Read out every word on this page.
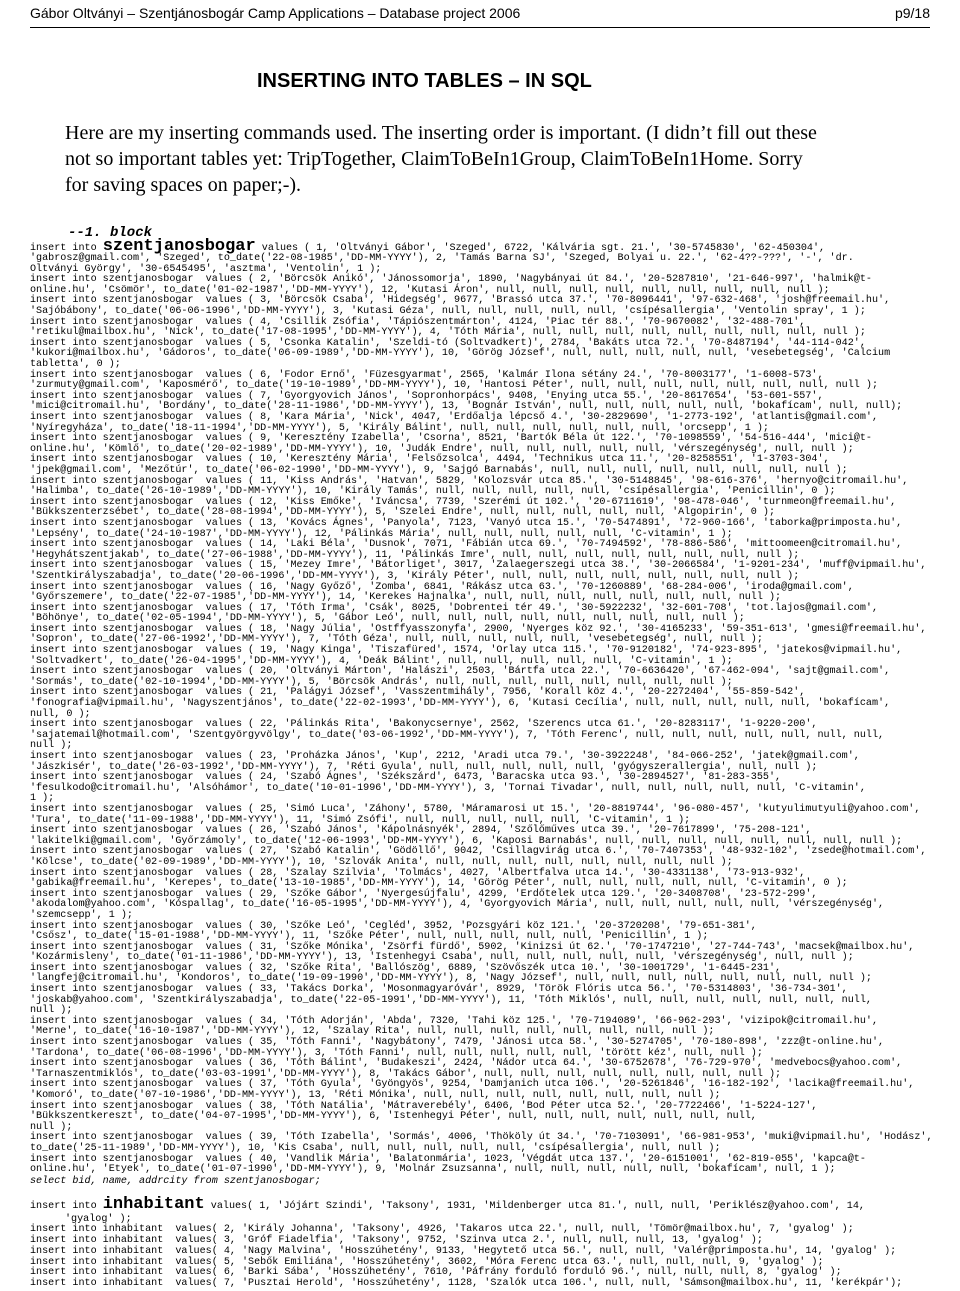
Gábor Oltványi – Szentjánosbogár Camp Applications – Database project 2006	p9/18
INSERTING INTO TABLES – IN SQL
Here are my inserting commands used. The inserting order is important. (I didn’t fill out these
not so important tables yet: TripTogether, ClaimToBeIn1Group, ClaimToBeIn1Home. Sorry
for saving spaces on paper;-).
--1. block
insert into szentjanosbogar values ( 1, 'Oltványi Gábor', 'Szeged', 6722, 'Kálvária sgt. 21.', '30-5745830', '62-450304',
'gabrosz@gmail.com', 'Szeged', to_date('22-08-1985','DD-MM-YYYY'), 2, 'Tamás Barna SJ', 'Szeged, Bolyai u. 22.', '62-4??-???', '-', 'dr.
Oltványi György', '30-6545495', 'asztma', 'Ventolin', 1 );
insert into szentjanosbogar  values ( 2, 'Börcsök Anikó', 'Jánossomorja', 1890, 'Nagybányai út 84.', '20-5287810', '21-646-997', 'halmik@t-
online.hu', 'Csömör', to_date('01-02-1987','DD-MM-YYYY'), 12, 'Kutasi Áron', null, null, null, null, null, null, null, null, null );
insert into szentjanosbogar  values ( 3, 'Börcsök Csaba', 'Hidegség', 9677, 'Brassó utca 37.', '70-8096441', '97-632-468', 'josh@freemail.hu',
'Sajóbábony', to_date('06-06-1996','DD-MM-YYYY'), 3, 'Kutasi Géza', null, null, null, null, null, 'csípésallergia', 'Ventolin spray', 1 );
insert into szentjanosbogar  values ( 4, 'Csillik Zsófia', 'Tápiószentmárton', 4124, 'Piac tér 88.', '70-9670082', '32-488-701',
'retikul@mailbox.hu', 'Nick', to_date('17-08-1995','DD-MM-YYYY'), 4, 'Tóth Mária', null, null, null, null, null, null, null, null, null );
insert into szentjanosbogar  values ( 5, 'Csonka Katalin', 'Szeldi-tó (Soltvadkert)', 2784, 'Bakáts utca 72.', '70-8487194', '44-114-042',
'kukori@mailbox.hu', 'Gádoros', to_date('06-09-1989','DD-MM-YYYY'), 10, 'Görög József', null, null, null, null, null, 'vesebetegség', 'Calcium
tabletta', 0 );
insert into szentjanosbogar  values ( 6, 'Fodor Ernő', 'Füzesgyarmat', 2565, 'Kalmár Ilona sétány 24.', '70-8003177', '1-6008-573',
'zurmuty@gmail.com', 'Kaposmérő', to_date('19-10-1989','DD-MM-YYYY'), 10, 'Hantosi Péter', null, null, null, null, null, null, null, null );
insert into szentjanosbogar  values ( 7, 'Gyorgyovich János', 'Sopronhorpács', 9408, 'Enying utca 55.', '20-8617654', '53-601-557',
'mici@citromail.hu', 'Bordány', to_date('28-11-1986','DD-MM-YYYY'), 13, 'Bognár István', null, null, null, null, null, 'bokafícam', null, null);
insert into szentjanosbogar  values ( 8, 'Kara Mária', 'Nick', 4047, 'Erdőalja lépcső 4.', '30-2829690', '1-2773-192', 'atlantis@gmail.com',
'Nyíregyháza', to_date('18-11-1994','DD-MM-YYYY'), 5, 'Király Bálint', null, null, null, null, null, null, 'orcsepp', 1 );
insert into szentjanosbogar  values ( 9, 'Keresztény Izabella', 'Csorna', 8521, 'Bartók Béla út 122.', '70-1098559', '54-516-444', 'mici@t-
online.hu', 'Kömlő', to_date('20-02-1989','DD-MM-YYYY'), 10, 'Judák Endre', null, null, null, null, null, 'vérszegénység', null, null );
insert into szentjanosbogar  values ( 10, 'Keresztény Mária', 'Felsőzsolca', 4494, 'Technikus utca 11.', '20-8258551', '1-3703-304',
'jpek@gmail.com', 'Mezőtúr', to_date('06-02-1990','DD-MM-YYYY'), 9, 'Sajgó Barnabás', null, null, null, null, null, null, null, null );
insert into szentjanosbogar  values ( 11, 'Kiss András', 'Hatvan', 5829, 'Kolozsvár utca 85.', '30-5148845', '98-616-376', 'hernyo@citromail.hu',
'Halimba', to_date('26-10-1989','DD-MM-YYYY'), 10, 'Király Tamás', null, null, null, null, null, 'csípésallergia', 'Penicillin', 0 );
insert into szentjanosbogar  values ( 12, 'Kiss Emőke', 'Iváncsa', 7739, 'Szerémi út 102.', '20-6711619', '98-478-046', 'turnmeon@freemail.hu',
'Bükkszenterzsébet', to_date('28-08-1994','DD-MM-YYYY'), 5, 'Szelei Endre', null, null, null, null, null, 'Algopirin', 0 );
insert into szentjanosbogar  values ( 13, 'Kovács Ágnes', 'Panyola', 7123, 'Vanyó utca 15.', '70-5474891', '72-960-166', 'taborka@primposta.hu',
'Lepsény', to_date('24-10-1987','DD-MM-YYYY'), 12, 'Pálinkás Mária', null, null, null, null, null, 'C-vitamin', 1 );
insert into szentjanosbogar  values ( 14, 'Laki Béla', 'Dusnok', 7071, 'Fábián utca 69.', '70-7494592', '78-886-586', 'mittoomeen@citromail.hu',
'Hegyhátszentjakab', to_date('27-06-1988','DD-MM-YYYY'), 11, 'Pálinkás Imre', null, null, null, null, null, null, null, null );
insert into szentjanosbogar  values ( 15, 'Mezey Imre', 'Bátorliget', 3017, 'Zalaegerszegi utca 38.', '30-2066584', '1-9201-234', 'muff@vipmail.hu',
'Szentkirályszabadja', to_date('20-06-1996','DD-MM-YYYY'), 3, 'Király Péter', null, null, null, null, null, null, null, null );
insert into szentjanosbogar  values ( 16, 'Nagy Győző', 'Zomba', 6841, 'Rákász utca 63.', '70-1260889', '68-284-006', 'iroda@gmail.com',
'Győrszemere', to_date('22-07-1985','DD-MM-YYYY'), 14, 'Kerekes Hajnalka', null, null, null, null, null, null, null, null );
insert into szentjanosbogar  values ( 17, 'Tóth Irma', 'Csák', 8025, 'Dobrentei tér 49.', '30-5922232', '32-601-708', 'tot.lajos@gmail.com',
'Böhönye', to_date('02-05-1994','DD-MM-YYYY'), 5, 'Gábor Leó', null, null, null, null, null, null, null, null, null );
insert into szentjanosbogar  values ( 18, 'Nagy Júlia', 'Ostffyasszonyfa', 2900, 'Nyerges köz 92.', '30-4165233', '59-351-613', 'gmesi@freemail.hu',
'Sopron', to_date('27-06-1992','DD-MM-YYYY'), 7, 'Tóth Géza', null, null, null, null, null, 'vesebetegség', null, null );
insert into szentjanosbogar  values ( 19, 'Nagy Kinga', 'Tiszafüred', 1574, 'Orlay utca 115.', '70-9120182', '74-923-895', 'jatekos@vipmail.hu',
'Soltvadkert', to_date('26-04-1995','DD-MM-YYYY'), 4, 'Deák Bálint', null, null, null, null, null, 'C-vitamin', 1 );
insert into szentjanosbogar  values ( 20, 'Oltványi Márton', 'Halászi', 2503, 'Bártfa utca 22.', '70-6636420', '67-462-094', 'sajt@gmail.com',
'Sormás', to_date('02-10-1994','DD-MM-YYYY'), 5, 'Börcsök András', null, null, null, null, null, null, null, null );
insert into szentjanosbogar  values ( 21, 'Palágyi József', 'Vasszentmihály', 7956, 'Korall köz 4.', '20-2272404', '55-859-542',
'fonografia@vipmail.hu', 'Nagyszentjános', to_date('22-02-1993','DD-MM-YYYY'), 6, 'Kutasi Cecília', null, null, null, null, null, 'bokafícam',
null, 0 );
insert into szentjanosbogar  values ( 22, 'Pálinkás Rita', 'Bakonycsernye', 2562, 'Szerencs utca 61.', '20-8283117', '1-9220-200',
'sajatemail@hotmail.com', 'Szentgyörgyvölgy', to_date('03-06-1992','DD-MM-YYYY'), 7, 'Tóth Ferenc', null, null, null, null, null, null, null,
null );
insert into szentjanosbogar  values ( 23, 'Proházka János', 'Kup', 2212, 'Aradi utca 79.', '30-3922248', '84-066-252', 'jatek@gmail.com',
'Jászkisér', to_date('26-03-1992','DD-MM-YYYY'), 7, 'Réti Gyula', null, null, null, null, null, 'gyógyszerallergia', null, null );
insert into szentjanosbogar  values ( 24, 'Szabó Ágnes', 'Székszárd', 6473, 'Baracska utca 93.', '30-2894527', '81-283-355',
'fesulkodo@citromail.hu', 'Alsóhámor', to_date('10-01-1996','DD-MM-YYYY'), 3, 'Tornai Tivadar', null, null, null, null, null, 'C-vitamin',
1 );
insert into szentjanosbogar  values ( 25, 'Simó Luca', 'Záhony', 5780, 'Máramarosi ut 15.', '20-8819744', '96-080-457', 'kutyulimutyuli@yahoo.com',
'Tura', to_date('11-09-1988','DD-MM-YYYY'), 11, 'Simó Zsófi', null, null, null, null, null, 'C-vitamin', 1 );
insert into szentjanosbogar  values ( 26, 'Szabó János', 'Kápolnásnyék', 2894, 'Szőlőműves utca 39.', '20-7617899', '75-208-121',
'lakitelki@gmail.com', 'Győrzámoly', to_date('12-06-1993','DD-MM-YYYY'), 6, 'Kaposi Barnabás', null, null, null, null, null, null, null, null );
insert into szentjanosbogar  values ( 27, 'Szabó Katalin', 'Gödöllő', 9042, 'Csillagvirág utca 6.', '70-7407353', '48-932-102', 'zsede@hotmail.com',
'Kölcse', to_date('02-09-1989','DD-MM-YYYY'), 10, 'Szlovák Anita', null, null, null, null, null, null, null, null );
insert into szentjanosbogar  values ( 28, 'Szalay Szilvia', 'Tolmács', 4027, 'Albertfalva utca 14.', '30-4331138', '73-913-932',
'gabika@freemail.hu', 'Kerepes', to_date('13-10-1985','DD-MM-YYYY'), 14, 'Görög Péter', null, null, null, null, null, 'C-vitamin', 0 );
insert into szentjanosbogar  values ( 29, 'Szőke Gábor', 'Nyergesújfalu', 4299, 'Erdőtelek utca 129.', '20-3408708', '23-572-299',
'akodalom@yahoo.com', 'Kóspallag', to_date('16-05-1995','DD-MM-YYYY'), 4, 'Gyorgyovich Mária', null, null, null, null, null, 'vérszegénység',
'szemcsepp', 1 );
insert into szentjanosbogar  values ( 30, 'Szőke Leó', 'Cegléd', 3952, 'Pozsgyári köz 121.', '20-3720208', '79-651-381',
'Csősz', to_date('15-01-1988','DD-MM-YYYY'), 11, 'Szőke Péter', null, null, null, null, null, 'Penicillin', 1 );
insert into szentjanosbogar  values ( 31, 'Szőke Mónika', 'Zsörfi fürdő', 5902, 'Kinizsi út 62.', '70-1747210', '27-744-743', 'macsek@mailbox.hu',
'Kozármisleny', to_date('01-11-1986','DD-MM-YYYY'), 13, 'Istenhegyi Csaba', null, null, null, null, null, 'vérszegénység', null, null );
insert into szentjanosbogar  values ( 32, 'Szőke Rita', 'Ballószög', 6889, 'Szövőszék utca 10.', '30-1001729', '1-6445-231',
'langfej@citromail.hu', 'Kondoros', to_date('19-09-1990','DD-MM-YYYY'), 8, 'Nagy József', null, null, null, null, null, null, null, null );
insert into szentjanosbogar  values ( 33, 'Takács Dorka', 'Mosonmagyaróvár', 8929, 'Török Flóris utca 56.', '70-5314803', '36-734-301',
'joskab@yahoo.com', 'Szentkirályszabadja', to_date('22-05-1991','DD-MM-YYYY'), 11, 'Tóth Miklós', null, null, null, null, null, null, null,
null );
insert into szentjanosbogar  values ( 34, 'Tóth Adorján', 'Abda', 7320, 'Tahi köz 125.', '70-7194089', '66-962-293', 'vizipok@citromail.hu',
'Merne', to_date('16-10-1987','DD-MM-YYYY'), 12, 'Szalay Rita', null, null, null, null, null, null, null, null );
insert into szentjanosbogar  values ( 35, 'Tóth Fanni', 'Nagybátony', 7479, 'Jánosi utca 58.', '30-5274705', '70-180-898', 'zzz@t-online.hu',
'Tardona', to_date('06-08-1996','DD-MM-YYYY'), 3, 'Tóth Fanni', null, null, null, null, null, 'törött kéz', null, null );
insert into szentjanosbogar  values ( 36, 'Tóth Bálint', 'Budakeszi', 2424, 'Nádor utca 64.', '30-6752678', '76-729-970', 'medvebocs@yahoo.com',
'Tarnaszentmiklós', to_date('03-03-1991','DD-MM-YYYY'), 8, 'Takács Gábor', null, null, null, null, null, null, null, null );
insert into szentjanosbogar  values ( 37, 'Tóth Gyula', 'Gyöngyös', 9254, 'Damjanich utca 106.', '20-5261846', '16-182-192', 'lacika@freemail.hu',
'Komoró', to_date('07-10-1986','DD-MM-YYYY'), 13, 'Réti Mónika', null, null, null, null, null, null, null, null );
insert into szentjanosbogar  values ( 38, 'Tóth Natália', 'Mátraverebély', 6406, 'Bod Péter utca 52.', '20-7722466', '1-5224-127',
'Bükkszentkereszt', to_date('04-07-1995','DD-MM-YYYY'), 6, 'Istenhegyi Péter', null, null, null, null, null, null, null,
null );
insert into szentjanosbogar  values ( 39, 'Tóth Izabella', 'Sormás', 4006, 'Thököly út 34.', '70-7103091', '66-981-953', 'muki@vipmail.hu', 'Hodász',
to_date('25-11-1989','DD-MM-YYYY'), 10, 'Kis Csaba', null, null, null, null, null, 'csípésallergia', null, null );
insert into szentjanosbogar  values ( 40, 'Vandlik Mária', 'Balatonmária', 1023, 'Végdát utca 137.', '20-6151001', '62-819-055', 'kapca@t-
online.hu', 'Etyek', to_date('01-07-1990','DD-MM-YYYY'), 9, 'Molnár Zsuzsanna', null, null, null, null, null, 'bokafícam', null, 1 );
select bid, name, addrcity from szentjanosbogar;
insert into inhabitant values( 1, 'Jójárt Szindi', 'Taksony', 1931, 'Mildenberger utca 81.', null, null, 'Periklész@yahoo.com', 14,
'gyalog' );
insert into inhabitant  values( 2, 'Király Johanna', 'Taksony', 4926, 'Takaros utca 22.', null, null, 'Tömör@mailbox.hu', 7, 'gyalog' );
insert into inhabitant  values( 3, 'Gróf Fiadelfia', 'Taksony', 9752, 'Szinva utca 2.', null, null, null, 13, 'gyalog' );
insert into inhabitant  values( 4, 'Nagy Malvina', 'Hosszúhetény', 9133, 'Hegytető utca 56.', null, null, 'Valér@primposta.hu', 14, 'gyalog' );
insert into inhabitant  values( 5, 'Sebők Emiliána', 'Hosszúhetény', 3602, 'Móra Ferenc utca 63.', null, null, null, 9, 'gyalog' );
insert into inhabitant  values( 6, 'Barki Sába', 'Hosszúhetény', 7610, 'Páfrány forduló forduló 96.', null, null, null, 8, 'gyalog' );
insert into inhabitant  values( 7, 'Pusztai Herold', 'Hosszúhetény', 1128, 'Szalók utca 106.', null, null, 'Sámson@mailbox.hu', 11, 'kerékpár');
